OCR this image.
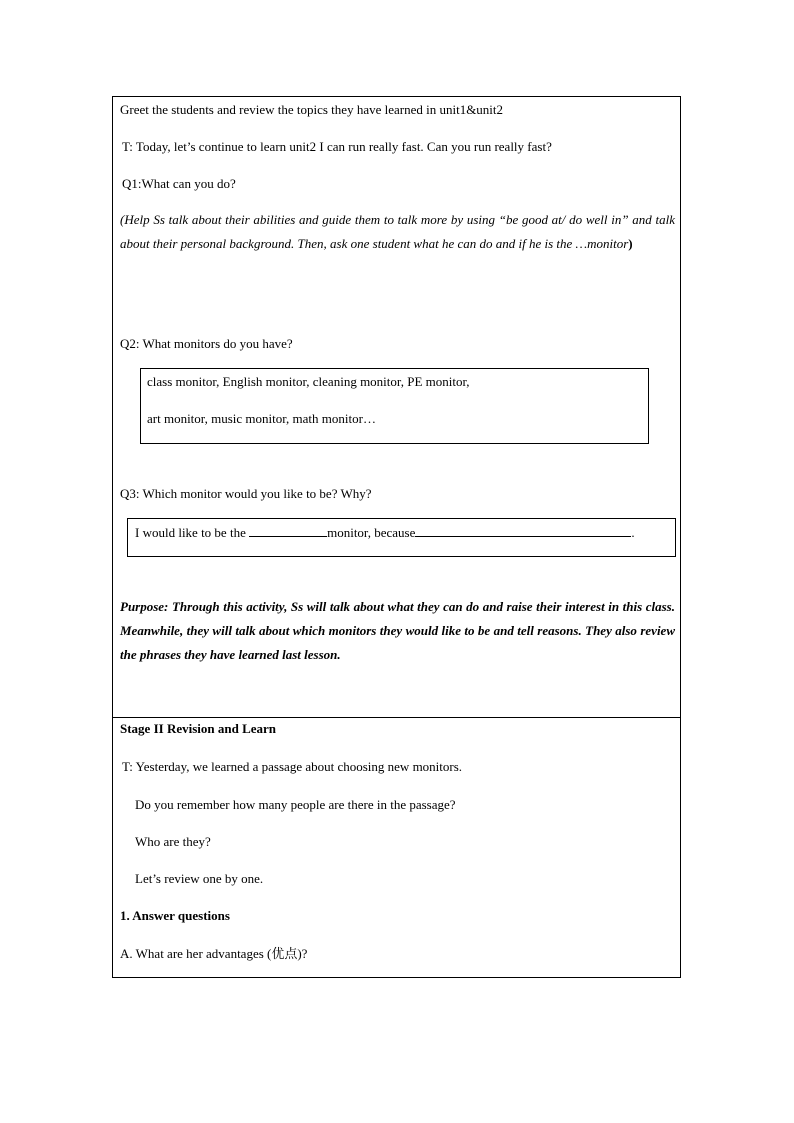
Greet the students and review the topics they have learned in unit1&unit2
T: Today, let’s continue to learn unit2 I can run really fast. Can you run really fast?
Q1:What can you do?
(Help Ss talk about their abilities and guide them to talk more by using “be good at/ do well in” and talk about their personal background. Then, ask one student what he can do and if he is the …monitor)
Q2: What monitors do you have?
class monitor, English monitor, cleaning monitor, PE monitor,
art monitor, music monitor, math monitor…
Q3: Which monitor would you like to be? Why?
I would like to be the	monitor, because	.
Purpose: Through this activity, Ss will talk about what they can do and raise their interest in this class. Meanwhile, they will talk about which monitors they would like to be and tell reasons. They also review the phrases they have learned last lesson.
Stage II Revision and Learn
T: Yesterday, we learned a passage about choosing new monitors.
Do you remember how many people are there in the passage?
Who are they?
Let’s review one by one.
1. Answer questions
A. What are her advantages (优点)?
